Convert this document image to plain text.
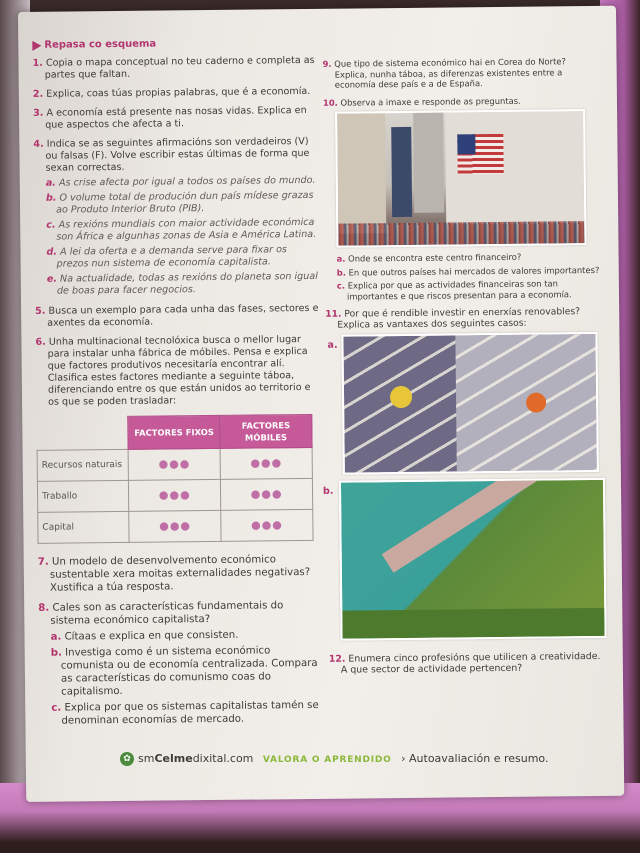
Repasa co esquema
1. Copia o mapa conceptual no teu caderno e completa as partes que faltan.
2. Explica, coas túas propias palabras, que é a economía.
3. A economía está presente nas nosas vidas. Explica en que aspectos che afecta a ti.
4. Indica se as seguintes afirmacións son verdadeiros (V) ou falsas (F). Volve escribir estas últimas de forma que sexan correctas.
a. As crise afecta por igual a todos os países do mundo.
b. O volume total de produción dun país mídese grazas ao Produto Interior Bruto (PIB).
c. As rexións mundiais con maior actividade económica son África e algunhas zonas de Asia e América Latina.
d. A lei da oferta e a demanda serve para fixar os prezos nun sistema de economía capitalista.
e. Na actualidade, todas as rexións do planeta son igual de boas para facer negocios.
5. Busca un exemplo para cada unha das fases, sectores e axentes da economía.
6. Unha multinacional tecnolóxica busca o mellor lugar para instalar unha fábrica de móbiles. Pensa e explica que factores produtivos necesitaría encontrar alí. Clasifica estes factores mediante a seguinte táboa, diferenciando entre os que están unidos ao territorio e os que se poden trasladar:
	FACTORES FIXOS	FACTORES MÓBILES
Recursos naturais	●●●	●●●
Traballo	●●●	●●●
Capital	●●●	●●●
7. Un modelo de desenvolvemento económico sustentable xera moitas externalidades negativas? Xustifica a túa resposta.
8. Cales son as características fundamentais do sistema económico capitalista?
a. Cítaas e explica en que consisten.
b. Investiga como é un sistema económico comunista ou de economía centralizada. Compara as características do comunismo coas do capitalismo.
c. Explica por que os sistemas capitalistas tamén se denominan economías de mercado.
9. Que tipo de sistema económico hai en Corea do Norte? Explica, nunha táboa, as diferenzas existentes entre a economía dese país e a de España.
10. Observa a imaxe e responde as preguntas.
a. Onde se encontra este centro financeiro?
b. En que outros países hai mercados de valores importantes?
c. Explica por que as actividades financeiras son tan importantes e que riscos presentan para a economía.
11. Por que é rendible investir en enerxías renovables? Explica as vantaxes dos seguintes casos:
a.
b.
12. Enumera cinco profesións que utilicen a creatividade. A que sector de actividade pertencen?
✿ smCelmedixital.com VALORA O APRENDIDO › Autoavaliación e resumo.
